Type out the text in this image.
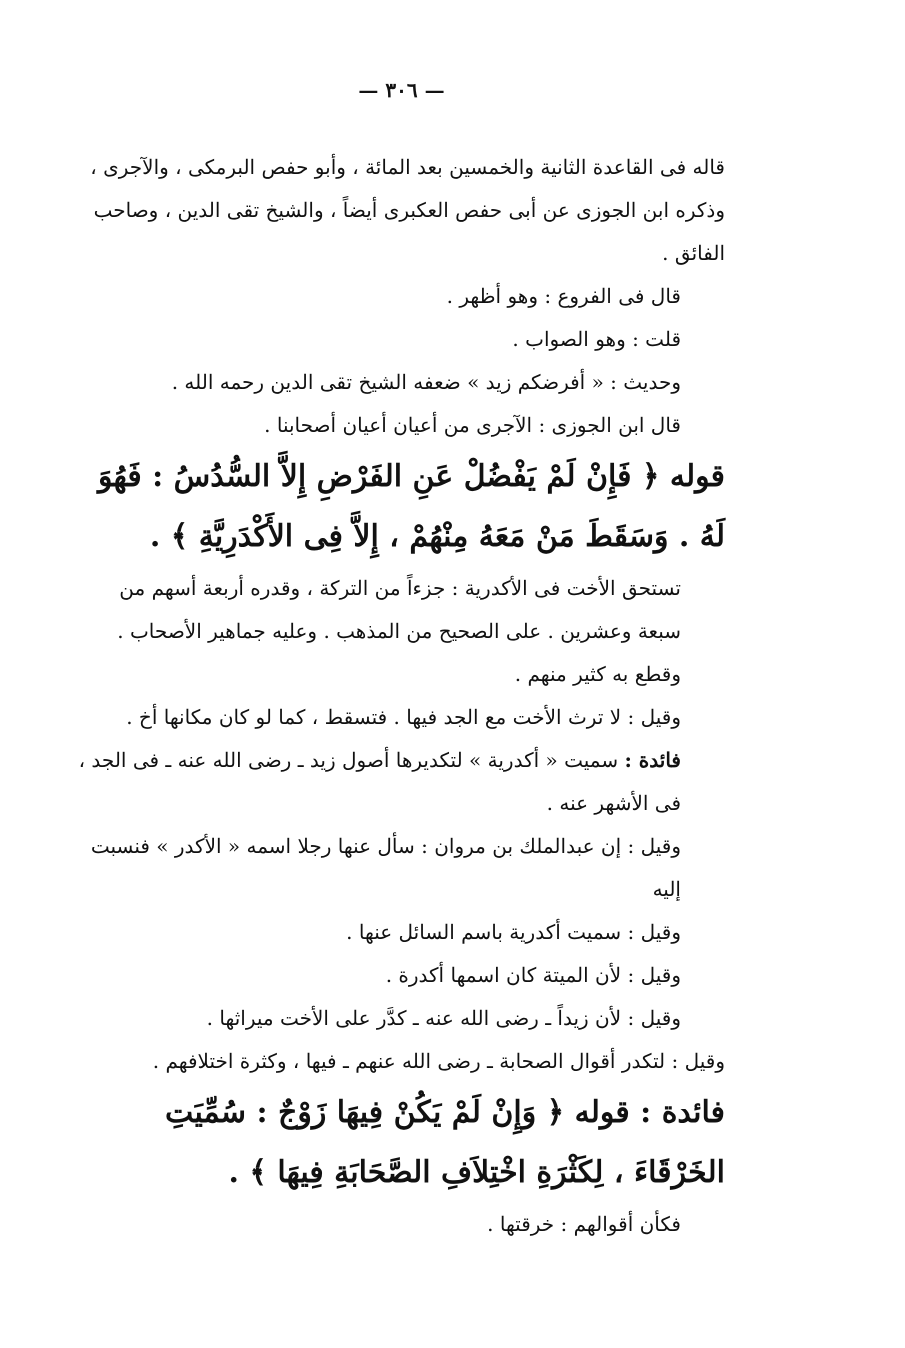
— ٣٠٦ —

قاله فى القاعدة الثانية والخمسين بعد المائة ، وأبو حفص البرمكى ، والآجرى ، وذكره ابن الجوزى عن أبى حفص العكبرى أيضاً ، والشيخ تقى الدين ، وصاحب الفائق .

قال فى الفروع : وهو أظهر .

قلت : وهو الصواب .

وحديث : « أفرضكم زيد » ضعفه الشيخ تقى الدين رحمه الله .

قال ابن الجوزى : الآجرى من أعيان أعيان أصحابنا .

قوله ﴿ فَإِنْ لَمْ يَفْضُلْ عَنِ الفَرْضِ إِلاَّ السُّدُسُ : فَهُوَ لَهُ . وَسَقَطَ مَنْ مَعَهُ مِنْهُمْ ، إِلاَّ فِى الأَكْدَرِيَّةِ ﴾ .

تستحق الأخت فى الأكدرية : جزءاً من التركة ، وقدره أربعة أسهم من سبعة وعشرين . على الصحيح من المذهب . وعليه جماهير الأصحاب . وقطع به كثير منهم .

وقيل : لا ترث الأخت مع الجد فيها . فتسقط ، كما لو كان مكانها أخ .

فائدة : سميت « أكدرية » لتكديرها أصول زيد ـ رضى الله عنه ـ فى الجد ، فى الأشهر عنه .

وقيل : إن عبدالملك بن مروان : سأل عنها رجلا اسمه « الأكدر » فنسبت إليه

وقيل : سميت أكدرية باسم السائل عنها .

وقيل : لأن الميتة كان اسمها أكدرة .

وقيل : لأن زيداً ـ رضى الله عنه ـ كدَّر على الأخت ميراثها .

وقيل : لتكدر أقوال الصحابة ـ رضى الله عنهم ـ فيها ، وكثرة اختلافهم .

فائدة : قوله ﴿ وَإِنْ لَمْ يَكُنْ فِيهَا زَوْجٌ : سُمِّيَتِ الخَرْقَاءَ ، لِكَثْرَةِ اخْتِلاَفِ الصَّحَابَةِ فِيهَا ﴾ .

فكأن أقوالهم : خرقتها .
